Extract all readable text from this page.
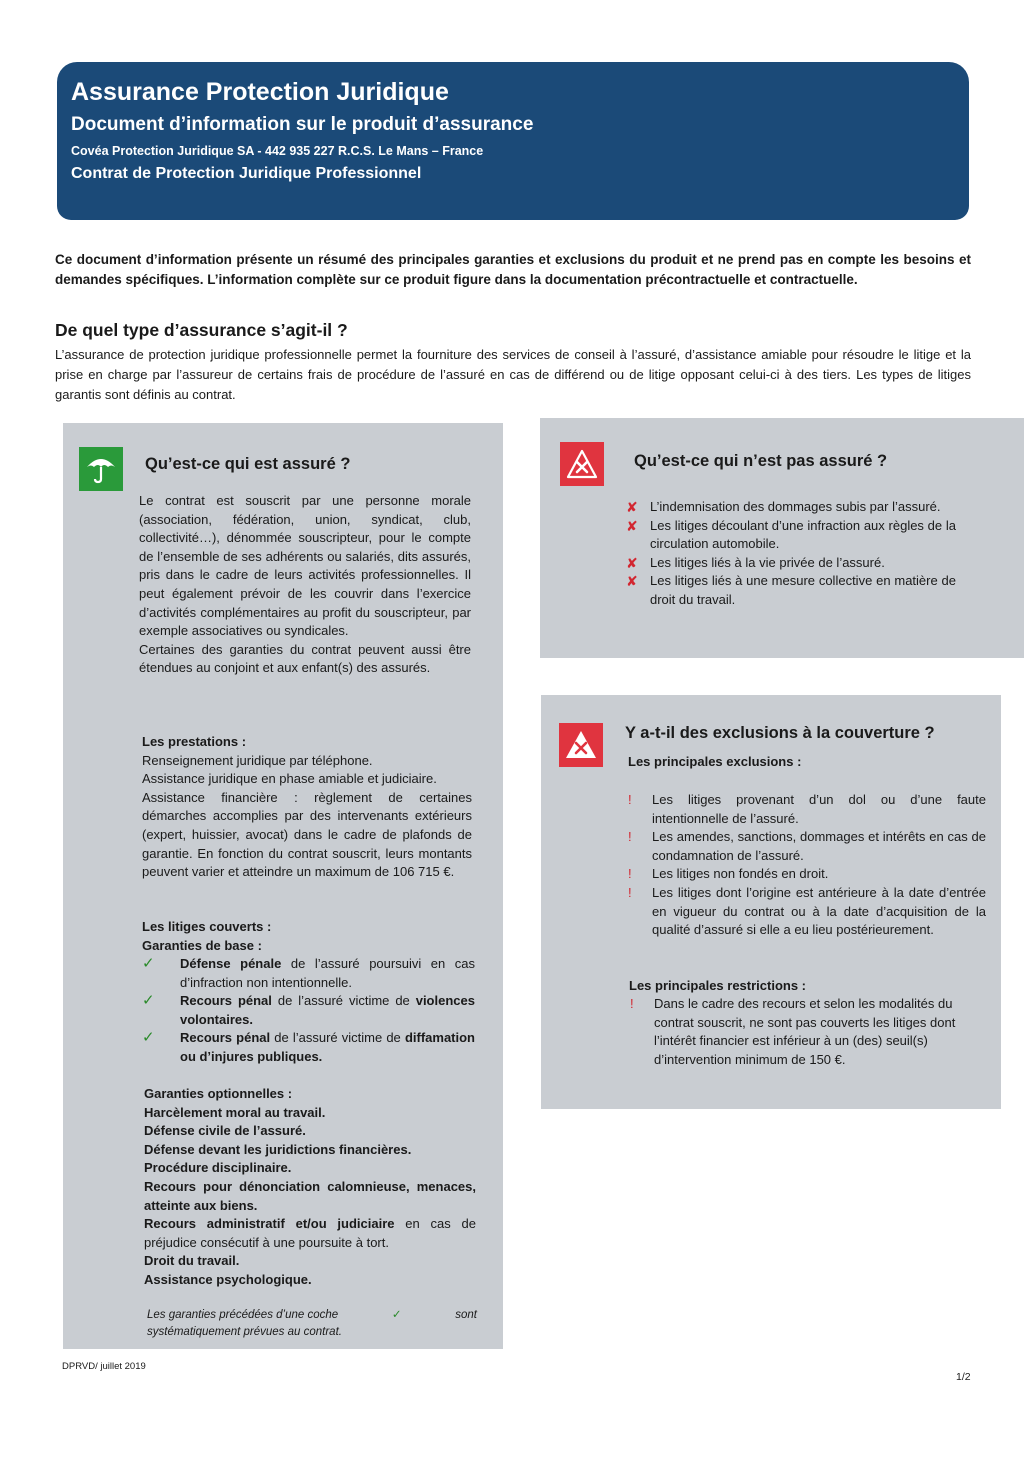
Assurance Protection Juridique
Document d’information sur le produit d’assurance
Covéa Protection Juridique SA - 442 935 227 R.C.S. Le Mans – France
Contrat de Protection Juridique Professionnel
Ce document d’information présente un résumé des principales garanties et exclusions du produit et ne prend pas en compte les besoins et demandes spécifiques. L’information complète sur ce produit figure dans la documentation précontractuelle et contractuelle.
De quel type d’assurance s’agit-il ?
L’assurance de protection juridique professionnelle permet la fourniture des services de conseil à l’assuré, d’assistance amiable pour résoudre le litige et la prise en charge par l’assureur de certains frais de procédure de l’assuré en cas de différend ou de litige opposant celui-ci à des tiers. Les types de litiges garantis sont définis au contrat.
Qu’est-ce qui est assuré ?
Le contrat est souscrit par une personne morale (association, fédération, union, syndicat, club, collectivité…), dénommée souscripteur, pour le compte de l’ensemble de ses adhérents ou salariés, dits assurés, pris dans le cadre de leurs activités professionnelles. Il peut également prévoir de les couvrir dans l’exercice d’activités complémentaires au profit du souscripteur, par exemple associatives ou syndicales.
Certaines des garanties du contrat peuvent aussi être étendues au conjoint et aux enfant(s) des assurés.
Les prestations :
Renseignement juridique par téléphone.
Assistance juridique en phase amiable et judiciaire.
Assistance financière : règlement de certaines démarches accomplies par des intervenants extérieurs (expert, huissier, avocat) dans le cadre de plafonds de garantie. En fonction du contrat souscrit, leurs montants peuvent varier et atteindre un maximum de 106 715 €.
Les litiges couverts :
Garanties de base :
✓ Défense pénale de l’assuré poursuivi en cas d’infraction non intentionnelle.
✓ Recours pénal de l’assuré victime de violences volontaires.
✓ Recours pénal de l’assuré victime de diffamation ou d’injures publiques.
Garanties optionnelles :
Harcèlement moral au travail.
Défense civile de l’assuré.
Défense devant les juridictions financières.
Procédure disciplinaire.
Recours pour dénonciation calomnieuse, menaces, atteinte aux biens.
Recours administratif et/ou judiciaire en cas de préjudice consécutif à une poursuite à tort.
Droit du travail.
Assistance psychologique.
Les garanties précédées d’une coche	✓	sont
systématiquement prévues au contrat.
Qu’est-ce qui n’est pas assuré ?
✘ L’indemnisation des dommages subis par l’assuré.
✘ Les litiges découlant d’une infraction aux règles de la circulation automobile.
✘ Les litiges liés à la vie privée de l’assuré.
✘ Les litiges liés à une mesure collective en matière de droit du travail.
Y a-t-il des exclusions à la couverture ?
Les principales exclusions :
! Les litiges provenant d’un dol ou d’une faute intentionnelle de l’assuré.
! Les amendes, sanctions, dommages et intérêts en cas de condamnation de l’assuré.
! Les litiges non fondés en droit.
! Les litiges dont l’origine est antérieure à la date d’entrée en vigueur du contrat ou à la date d’acquisition de la qualité d’assuré si elle a eu lieu postérieurement.
Les principales restrictions :
! Dans le cadre des recours et selon les modalités du contrat souscrit, ne sont pas couverts les litiges dont l’intérêt financier est inférieur à un (des) seuil(s) d’intervention minimum de 150 €.
DPRVD/ juillet 2019
1/2
